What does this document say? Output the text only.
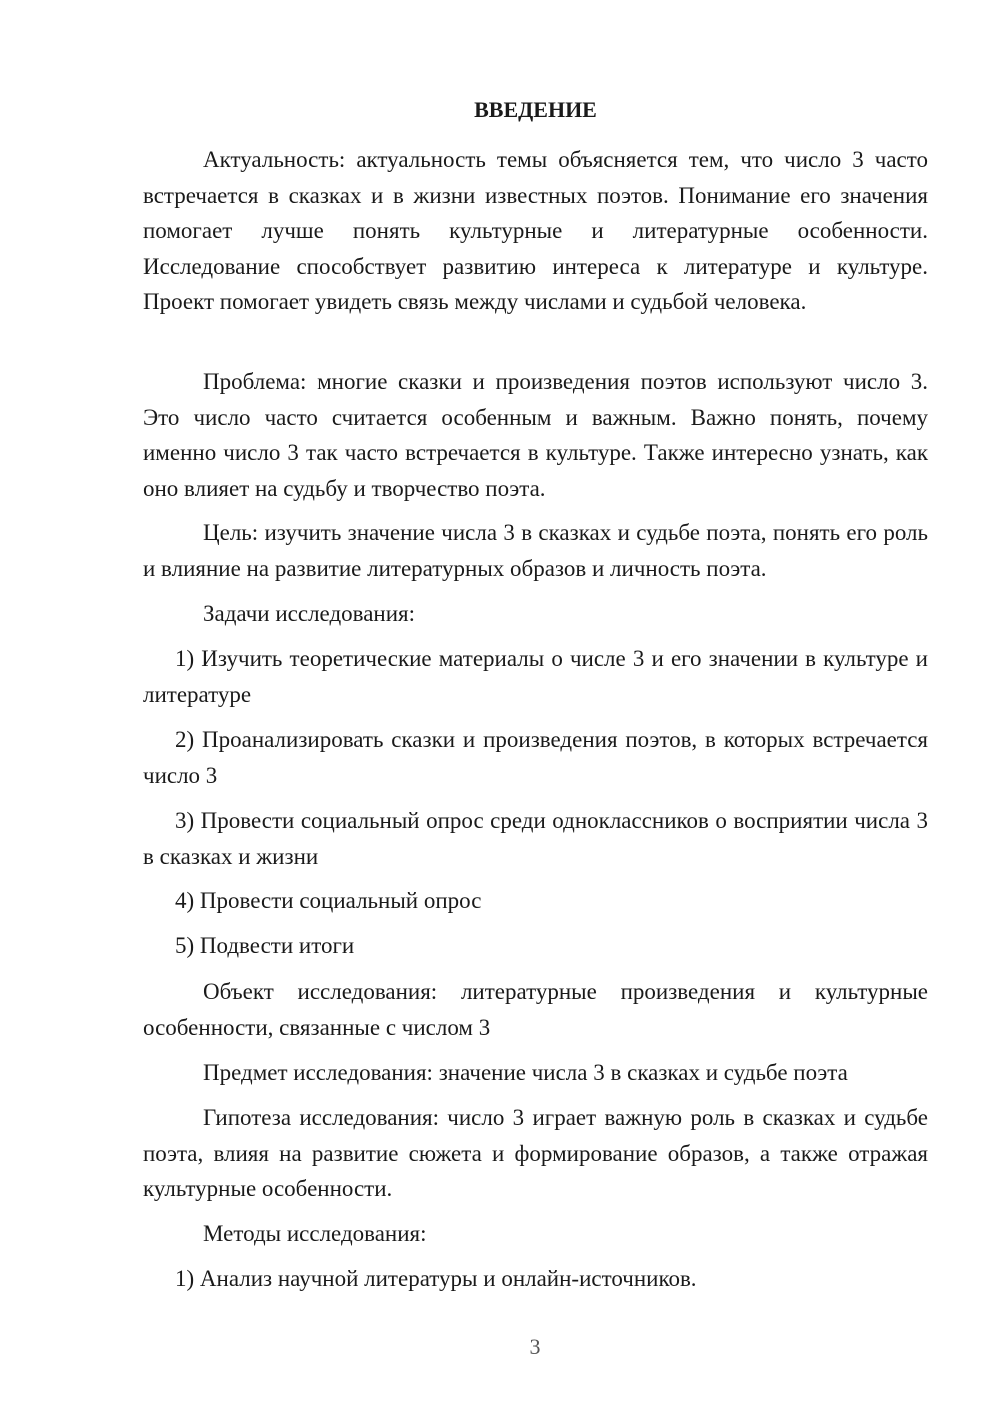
ВВЕДЕНИЕ

Актуальность: актуальность темы объясняется тем, что число 3 часто встречается в сказках и в жизни известных поэтов. Понимание его значения помогает лучше понять культурные и литературные особенности. Исследование способствует развитию интереса к литературе и культуре. Проект помогает увидеть связь между числами и судьбой человека.

Проблема: многие сказки и произведения поэтов используют число 3. Это число часто считается особенным и важным. Важно понять, почему именно число 3 так часто встречается в культуре. Также интересно узнать, как оно влияет на судьбу и творчество поэта.

Цель: изучить значение числа 3 в сказках и судьбе поэта, понять его роль и влияние на развитие литературных образов и личность поэта.

Задачи исследования:

1) Изучить теоретические материалы о числе 3 и его значении в культуре и литературе

2) Проанализировать сказки и произведения поэтов, в которых встречается число 3

3) Провести социальный опрос среди одноклассников о восприятии числа 3 в сказках и жизни

4) Провести социальный опрос

5) Подвести итоги

Объект исследования: литературные произведения и культурные особенности, связанные с числом 3

Предмет исследования: значение числа 3 в сказках и судьбе поэта

Гипотеза исследования: число 3 играет важную роль в сказках и судьбе поэта, влияя на развитие сюжета и формирование образов, а также отражая культурные особенности.

Методы исследования:

1) Анализ научной литературы и онлайн-источников.

3
